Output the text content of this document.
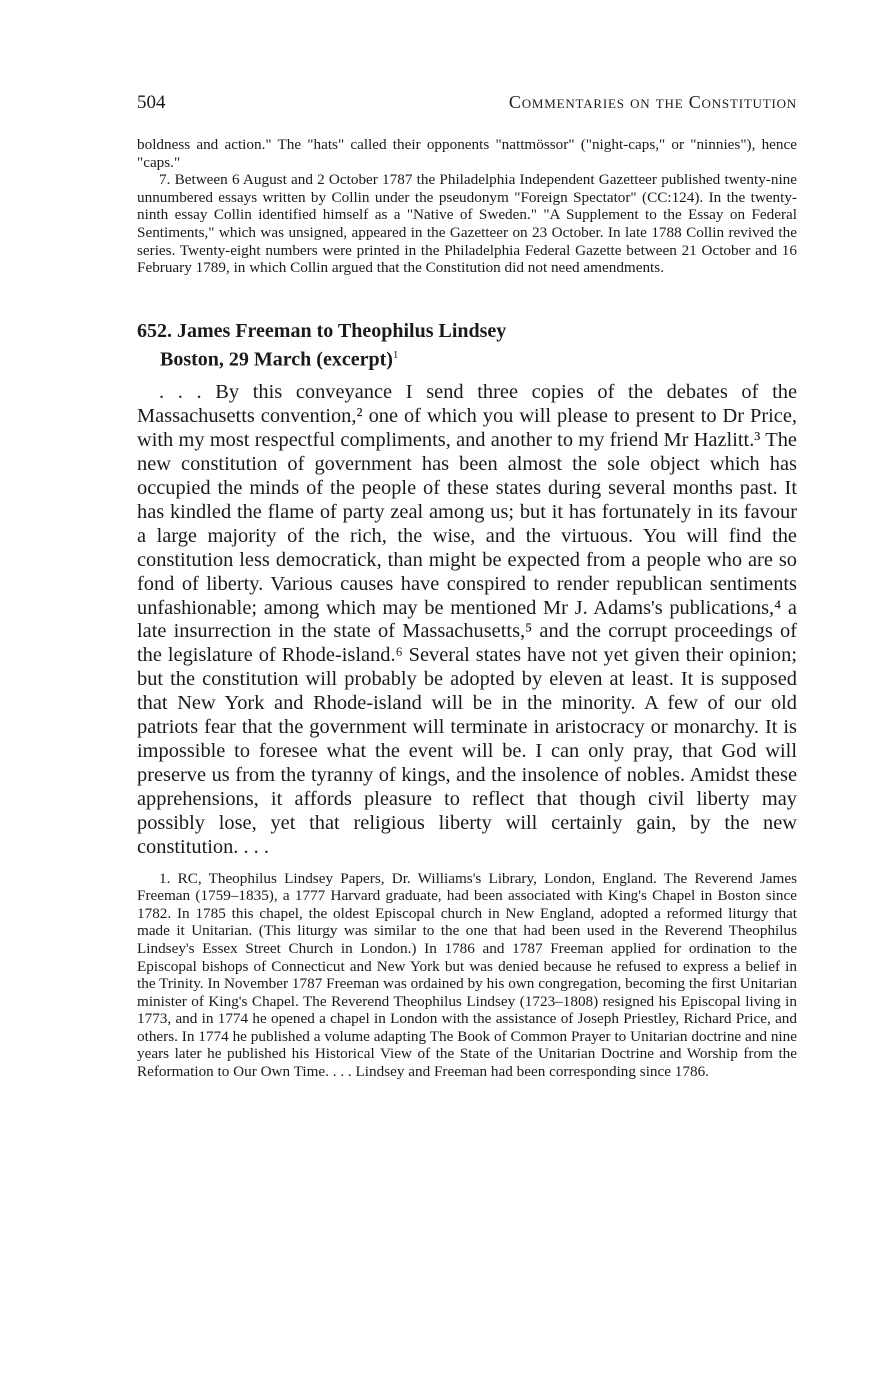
504	Commentaries on the Constitution

boldness and action." The "hats" called their opponents "nattmössor" ("night-caps," or "ninnies"), hence "caps."

7. Between 6 August and 2 October 1787 the Philadelphia Independent Gazetteer published twenty-nine unnumbered essays written by Collin under the pseudonym "Foreign Spectator" (CC:124). In the twenty-ninth essay Collin identified himself as a "Native of Sweden." "A Supplement to the Essay on Federal Sentiments," which was unsigned, appeared in the Gazetteer on 23 October. In late 1788 Collin revived the series. Twenty-eight numbers were printed in the Philadelphia Federal Gazette between 21 October and 16 February 1789, in which Collin argued that the Constitution did not need amendments.

652. James Freeman to Theophilus Lindsey
Boston, 29 March (excerpt)$^1$

. . . By this conveyance I send three copies of the debates of the Massachusetts convention,² one of which you will please to present to Dr Price, with my most respectful compliments, and another to my friend Mr Hazlitt.³ The new constitution of government has been almost the sole object which has occupied the minds of the people of these states during several months past. It has kindled the flame of party zeal among us; but it has fortunately in its favour a large majority of the rich, the wise, and the virtuous. You will find the constitution less democratick, than might be expected from a people who are so fond of liberty. Various causes have conspired to render republican sentiments unfashionable; among which may be mentioned Mr J. Adams's publications,⁴ a late insurrection in the state of Massachusetts,⁵ and the corrupt proceedings of the legislature of Rhode-island.⁶ Several states have not yet given their opinion; but the constitution will probably be adopted by eleven at least. It is supposed that New York and Rhode-island will be in the minority. A few of our old patriots fear that the government will terminate in aristocracy or monarchy. It is impossible to foresee what the event will be. I can only pray, that God will preserve us from the tyranny of kings, and the insolence of nobles. Amidst these apprehensions, it affords pleasure to reflect that though civil liberty may possibly lose, yet that religious liberty will certainly gain, by the new constitution. . . .

1. RC, Theophilus Lindsey Papers, Dr. Williams's Library, London, England. The Reverend James Freeman (1759–1835), a 1777 Harvard graduate, had been associated with King's Chapel in Boston since 1782. In 1785 this chapel, the oldest Episcopal church in New England, adopted a reformed liturgy that made it Unitarian. (This liturgy was similar to the one that had been used in the Reverend Theophilus Lindsey's Essex Street Church in London.) In 1786 and 1787 Freeman applied for ordination to the Episcopal bishops of Connecticut and New York but was denied because he refused to express a belief in the Trinity. In November 1787 Freeman was ordained by his own congregation, becoming the first Unitarian minister of King's Chapel. The Reverend Theophilus Lindsey (1723–1808) resigned his Episcopal living in 1773, and in 1774 he opened a chapel in London with the assistance of Joseph Priestley, Richard Price, and others. In 1774 he published a volume adapting The Book of Common Prayer to Unitarian doctrine and nine years later he published his Historical View of the State of the Unitarian Doctrine and Worship from the Reformation to Our Own Time. . . . Lindsey and Freeman had been corresponding since 1786.
